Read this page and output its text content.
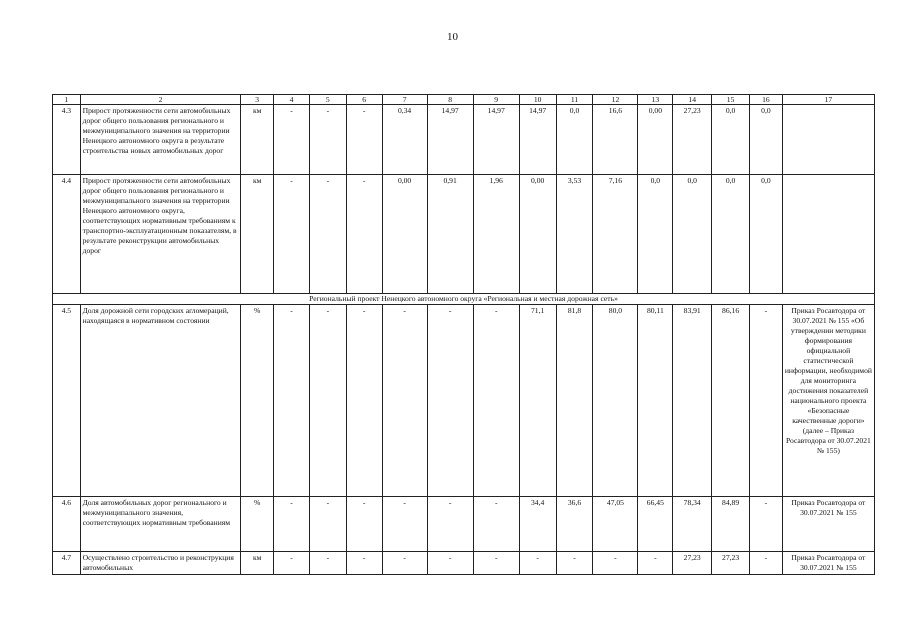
10
1	2	3	4	5	6	7	8	9	10	11	12	13	14	15	16	17
4.3	Прирост протяженности сети автомобильных дорог общего пользования регионального и межмуниципального значения на территории Ненецкого автономного округа в результате строительства новых автомобильных дорог	км	-	-	-	0,34	14,97	14,97	14,97	0,0	16,6	0,00	27,23	0,0	0,0	
4.4	Прирост протяженности сети автомобильных дорог общего пользования регионального и межмуниципального значения на территории Ненецкого автономного округа, соответствующих нормативным требованиям к транспортно-эксплуатационным показателям, в результате реконструкции автомобильных дорог	км	-	-	-	0,00	0,91	1,96	0,00	3,53	7,16	0,0	0,0	0,0	0,0	
Региональный проект Ненецкого автономного округа «Региональная и местная дорожная сеть»																
4.5	Доля дорожной сети городских агломераций, находящаяся в нормативном состоянии	%	-	-	-	-	-	-	71,1	81,8	80,0	80,11	83,91	86,16	-	Приказ Росавтодора от 30.07.2021 № 155 «Об утверждении методики формирования официальной статистической информации, необходимой для мониторинга достижения показателей национального проекта «Безопасные качественные дороги» (далее – Приказ Росавтодора от 30.07.2021 № 155)
4.6	Доля автомобильных дорог регионального и межмуниципального значения, соответствующих нормативным требованиям	%	-	-	-	-	-	-	34,4	36,6	47,05	66,45	78,34	84,89	-	Приказ Росавтодора от 30.07.2021 № 155
4.7	Осуществлено строительство и реконструкция автомобильных	км	-	-	-	-	-	-	-	-	-	-	27,23	27,23	-	Приказ Росавтодора от 30.07.2021 № 155
